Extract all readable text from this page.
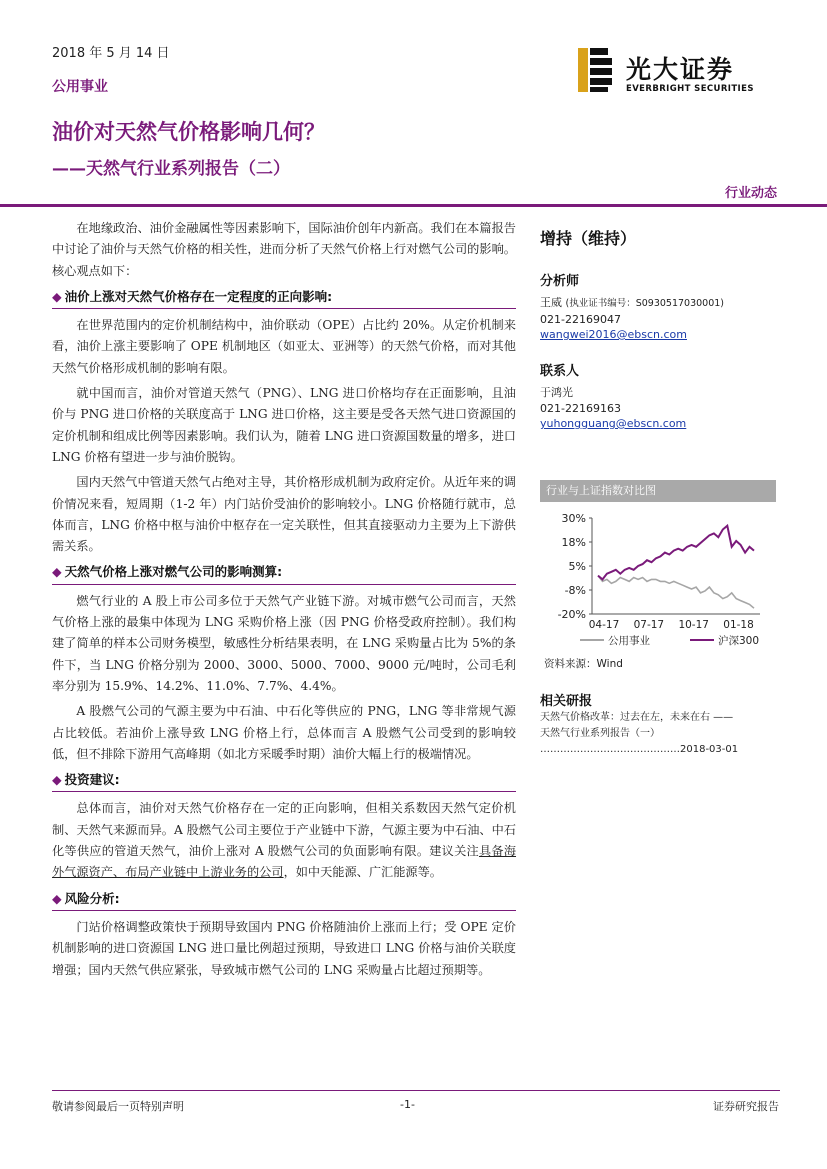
2018 年 5 月 14 日
公用事业
油价对天然气价格影响几何？
——天然气行业系列报告（二）
行业动态
光大证券
EVERBRIGHT SECURITIES

在地缘政治、油价金融属性等因素影响下，国际油价创年内新高。我们在本篇报告中讨论了油价与天然气价格的相关性，进而分析了天然气价格上行对燃气公司的影响。核心观点如下：

◆ 油价上涨对天然气价格存在一定程度的正向影响:

在世界范围内的定价机制结构中，油价联动（OPE）占比约 20%。从定价机制来看，油价上涨主要影响了 OPE 机制地区（如亚太、亚洲等）的天然气价格，而对其他天然气价格形成机制的影响有限。

就中国而言，油价对管道天然气（PNG）、LNG 进口价格均存在正面影响，且油价与 PNG 进口价格的关联度高于 LNG 进口价格，这主要是受各天然气进口资源国的定价机制和组成比例等因素影响。我们认为，随着 LNG 进口资源国数量的增多，进口 LNG 价格有望进一步与油价脱钩。

国内天然气中管道天然气占绝对主导，其价格形成机制为政府定价。从近年来的调价情况来看，短周期（1-2 年）内门站价受油价的影响较小。LNG 价格随行就市，总体而言，LNG 价格中枢与油价中枢存在一定关联性，但其直接驱动力主要为上下游供需关系。

◆ 天然气价格上涨对燃气公司的影响测算:

燃气行业的 A 股上市公司多位于天然气产业链下游。对城市燃气公司而言，天然气价格上涨的最集中体现为 LNG 采购价格上涨（因 PNG 价格受政府控制）。我们构建了简单的样本公司财务模型，敏感性分析结果表明，在 LNG 采购量占比为 5%的条件下，当 LNG 价格分别为 2000、3000、5000、7000、9000 元/吨时，公司毛利率分别为 15.9%、14.2%、11.0%、7.7%、4.4%。

A 股燃气公司的气源主要为中石油、中石化等供应的 PNG，LNG 等非常规气源占比较低。若油价上涨导致 LNG 价格上行，总体而言 A 股燃气公司受到的影响较低，但不排除下游用气高峰期（如北方采暖季时期）油价大幅上行的极端情况。

◆ 投资建议:

总体而言，油价对天然气价格存在一定的正向影响，但相关系数因天然气定价机制、天然气来源而异。A 股燃气公司主要位于产业链中下游，气源主要为中石油、中石化等供应的管道天然气，油价上涨对 A 股燃气公司的负面影响有限。建议关注具备海外气源资产、布局产业链中上游业务的公司，如中天能源、广汇能源等。

◆ 风险分析:

门站价格调整政策快于预期导致国内 PNG 价格随油价上涨而上行；受 OPE 定价机制影响的进口资源国 LNG 进口量比例超过预期，导致进口 LNG 价格与油价关联度增强；国内天然气供应紧张，导致城市燃气公司的 LNG 采购量占比超过预期等。

增持（维持）
分析师
王威 (执业证书编号：S0930517030001)
021-22169047
wangwei2016@ebscn.com
联系人
于鸿光
021-22169163
yuhongguang@ebscn.com
行业与上证指数对比图
30%
18%
5%
-8%
-20%
04-17 07-17 10-17 01-18
公用事业	沪深300
资料来源：Wind
相关研报
天然气价格改革：过去在左，未来在右 ——
天然气行业系列报告（一）
……………………………………2018-03-01
敬请参阅最后一页特别声明	-1-	证券研究报告
